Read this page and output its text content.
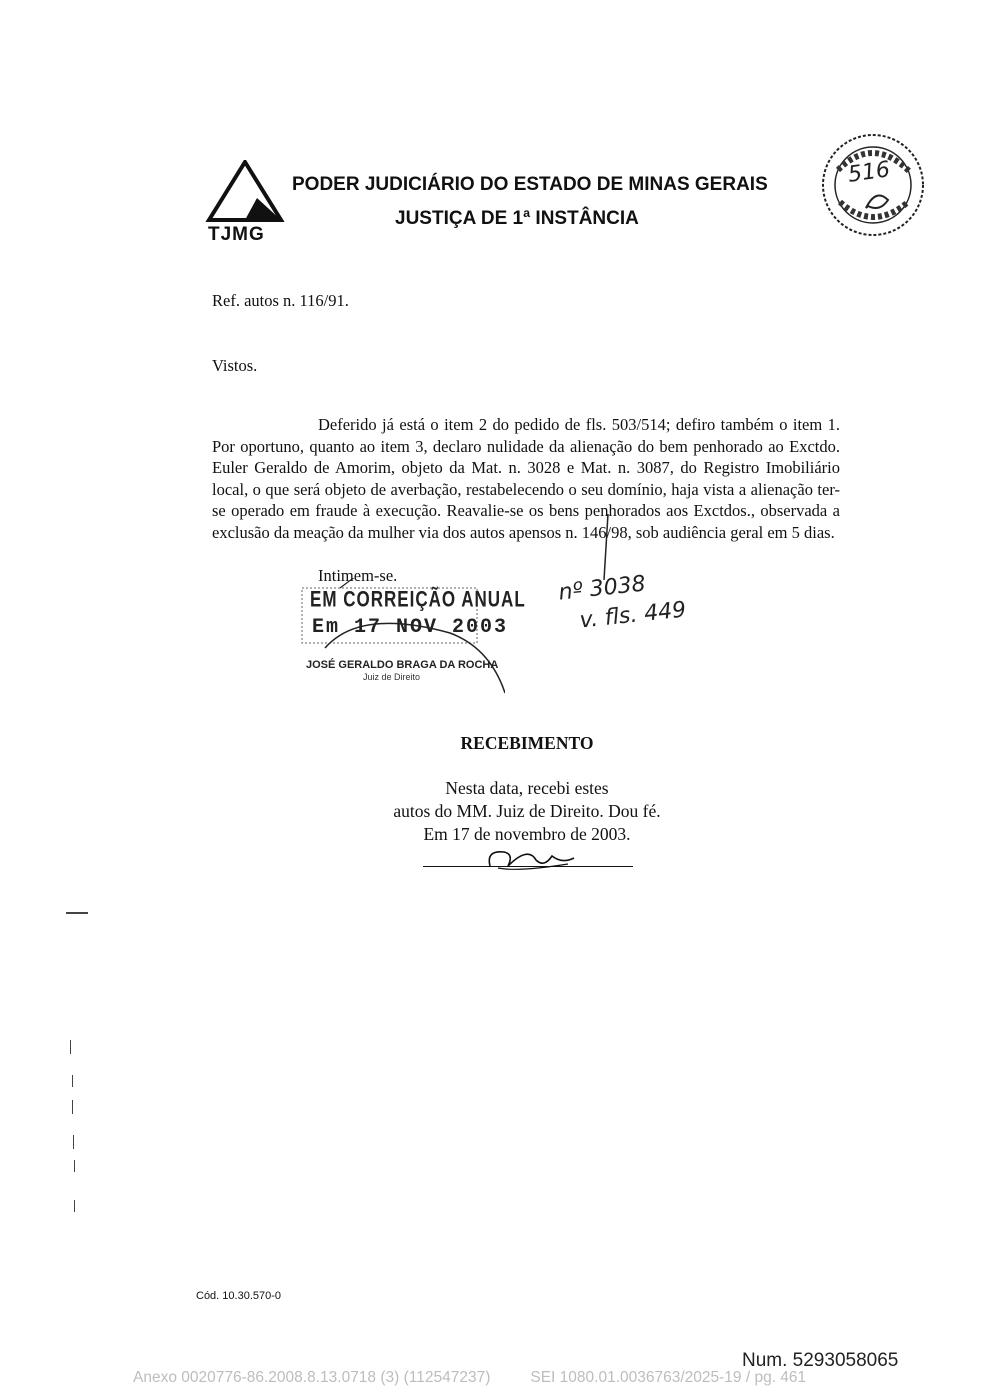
TJMG
PODER JUDICIÁRIO DO ESTADO DE MINAS GERAIS
JUSTIÇA DE 1ª INSTÂNCIA
516
Ref. autos n. 116/91.
Vistos.

Deferido já está o item 2 do pedido de fls. 503/514; defiro também o item 1. Por oportuno, quanto ao item 3, declaro nulidade da alienação do bem penhorado ao Exctdo. Euler Geraldo de Amorim, objeto da Mat. n. 3028 e Mat. n. 3087, do Registro Imobiliário local, o que será objeto de averbação, restabelecendo o seu domínio, haja vista a alienação ter-se operado em fraude à execução. Reavalie-se os bens penhorados aos Exctdos., observada a exclusão da meação da mulher via dos autos apensos n. 146/98, sob audiência geral em 5 dias.

Intimem-se.
EM CORREIÇÃO ANUAL
Em 17 NOV 2003
JOSÉ GERALDO BRAGA DA ROCHA
Juiz de Direito
nº 3038
v. fls. 449
RECEBIMENTO
Nesta data, recebi estes
autos do MM. Juiz de Direito. Dou fé.
Em 17 de novembro de 2003.
Cód. 10.30.570-0
Num. 5293058065
Anexo 0020776-86.2008.8.13.0718 (3) (112547237)	SEI 1080.01.0036763/2025-19 / pg. 461
